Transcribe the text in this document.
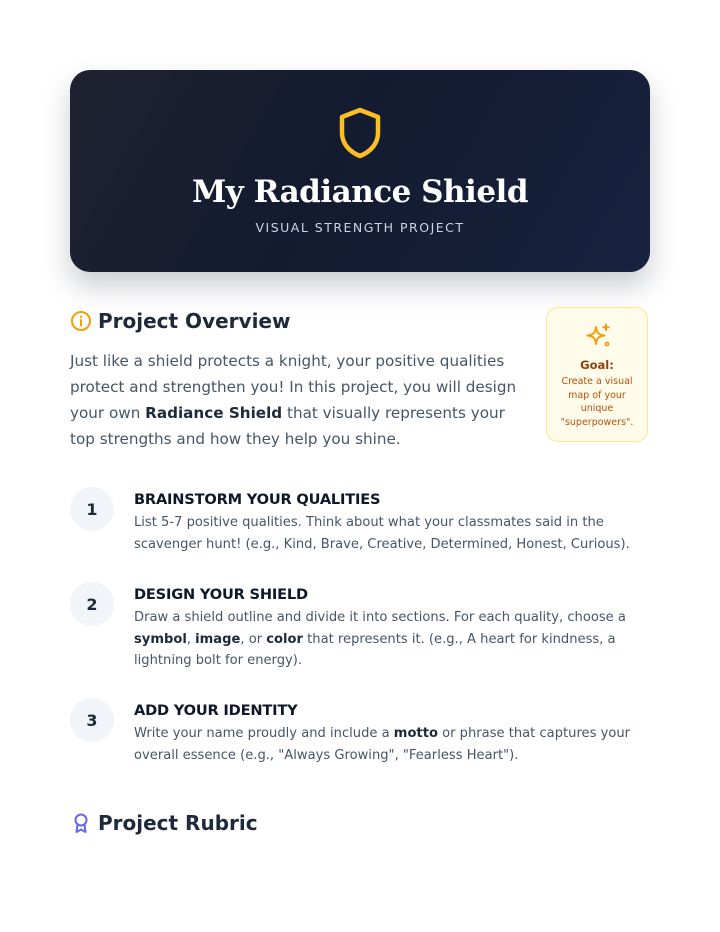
My Radiance Shield
VISUAL STRENGTH PROJECT
Project Overview
Just like a shield protects a knight, your positive qualities protect and strengthen you! In this project, you will design your own Radiance Shield that visually represents your top strengths and how they help you shine.
Goal:
Create a visual map of your unique "superpowers".
1	BRAINSTORM YOUR QUALITIES
List 5-7 positive qualities. Think about what your classmates said in the scavenger hunt! (e.g., Kind, Brave, Creative, Determined, Honest, Curious).
2	DESIGN YOUR SHIELD
Draw a shield outline and divide it into sections. For each quality, choose a symbol, image, or color that represents it. (e.g., A heart for kindness, a lightning bolt for energy).
3	ADD YOUR IDENTITY
Write your name proudly and include a motto or phrase that captures your overall essence (e.g., "Always Growing", "Fearless Heart").
Project Rubric
